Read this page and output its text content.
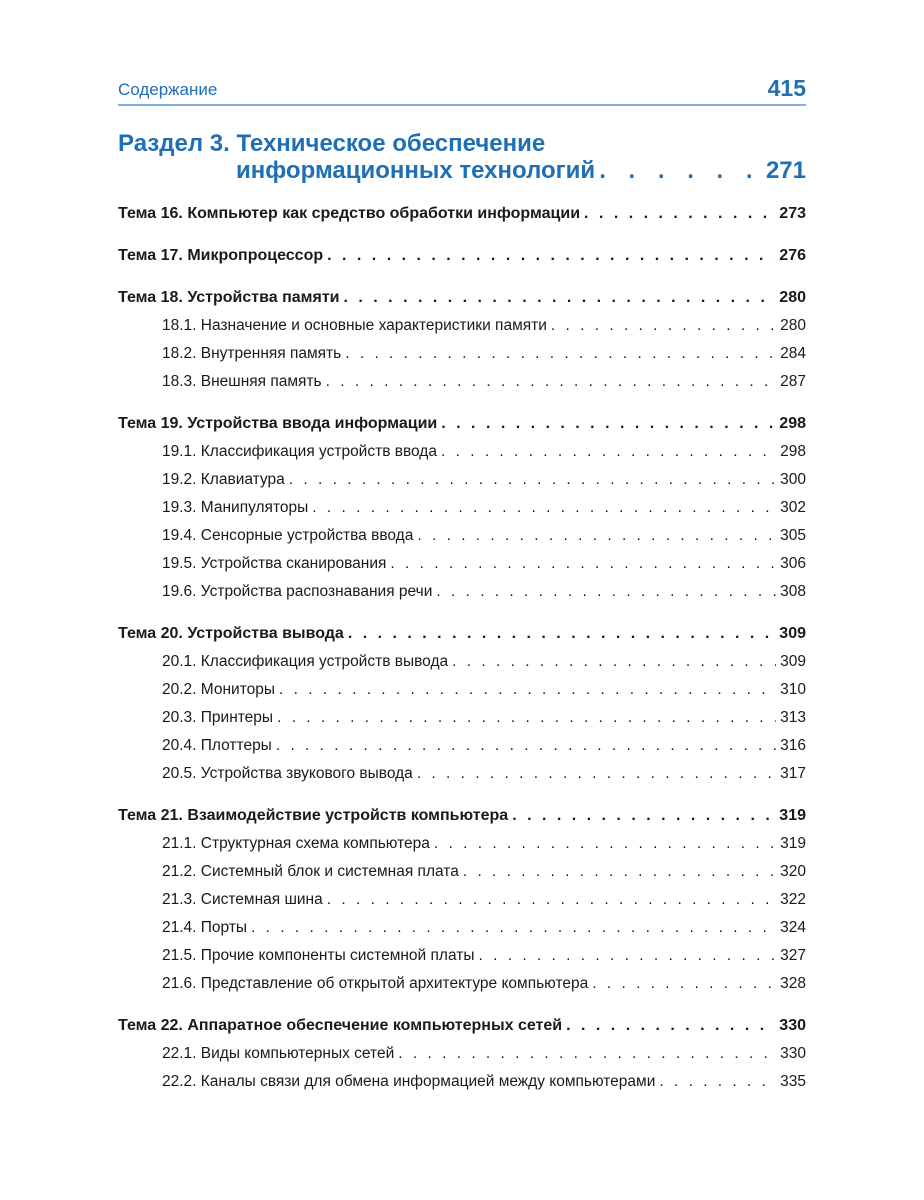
Содержание	415
Раздел 3. Техническое обеспечение
информационных технологий . . .	271
Тема 16. Компьютер как средство обработки информации . . .	273
Тема 17. Микропроцессор . . .	276
Тема 18. Устройства памяти . . .	280
18.1. Назначение и основные характеристики памяти . . .	280
18.2. Внутренняя память . . .	284
18.3. Внешняя память . . .	287
Тема 19. Устройства ввода информации . . .	298
19.1. Классификация устройств ввода . . .	298
19.2. Клавиатура . . .	300
19.3. Манипуляторы . . .	302
19.4. Сенсорные устройства ввода . . .	305
19.5. Устройства сканирования . . .	306
19.6. Устройства распознавания речи . . .	308
Тема 20. Устройства вывода . . .	309
20.1. Классификация устройств вывода . . .	309
20.2. Мониторы . . .	310
20.3. Принтеры . . .	313
20.4. Плоттеры . . .	316
20.5. Устройства звукового вывода . . .	317
Тема 21. Взаимодействие устройств компьютера . . .	319
21.1. Структурная схема компьютера . . .	319
21.2. Системный блок и системная плата . . .	320
21.3. Системная шина . . .	322
21.4. Порты . . .	324
21.5. Прочие компоненты системной платы . . .	327
21.6. Представление об открытой архитектуре компьютера . . .	328
Тема 22. Аппаратное обеспечение компьютерных сетей . . .	330
22.1. Виды компьютерных сетей . . .	330
22.2. Каналы связи для обмена информацией между компьютерами . . .	335
